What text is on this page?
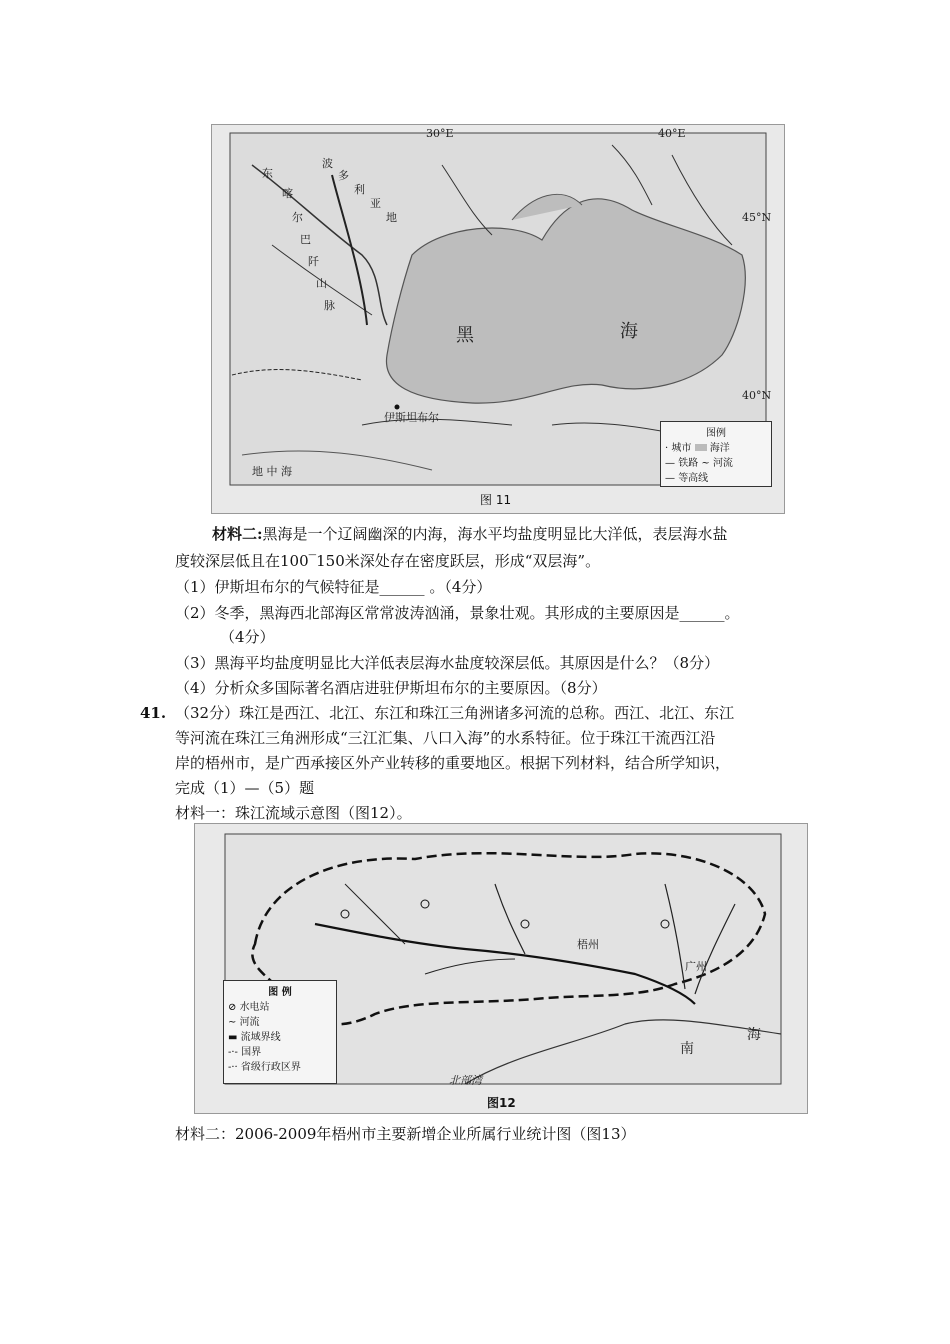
30°E	40°E
45°N
40°N
黑	海
伊斯坦布尔
地 中 海
东
喀
尔
巴
阡
山
脉
波
多
利
亚
地
图例
· 城市 海洋
— 铁路 ~ 河流
— 等高线
图 11
材料二:黑海是一个辽阔幽深的内海，海水平均盐度明显比大洋低，表层海水盐
度较深层低且在100‾150米深处存在密度跃层，形成“双层海”。
（1）伊斯坦布尔的气候特征是______ 。（4分）
（2）冬季，黑海西北部海区常常波涛汹涌，景象壮观。其形成的主要原因是______。
（4分）
（3）黑海平均盐度明显比大洋低表层海水盐度较深层低。其原因是什么？（8分）
（4）分析众多国际著名酒店进驻伊斯坦布尔的主要原因。（8分）
41. （32分）珠江是西江、北江、东江和珠江三角洲诸多河流的总称。西江、北江、东江
等河流在珠江三角洲形成“三江汇集、八口入海”的水系特征。位于珠江干流西江沿
岸的梧州市，是广西承接区外产业转移的重要地区。根据下列材料，结合所学知识，
完成（1）—（5）题
材料一：珠江流域示意图（图12）。
梧州
广州
南
海
北部湾
图 例
⊘ 水电站
∼ 河流
▬ 流域界线
-·- 国界
-·· 省级行政区界
图12
材料二：2006-2009年梧州市主要新增企业所属行业统计图（图13）
